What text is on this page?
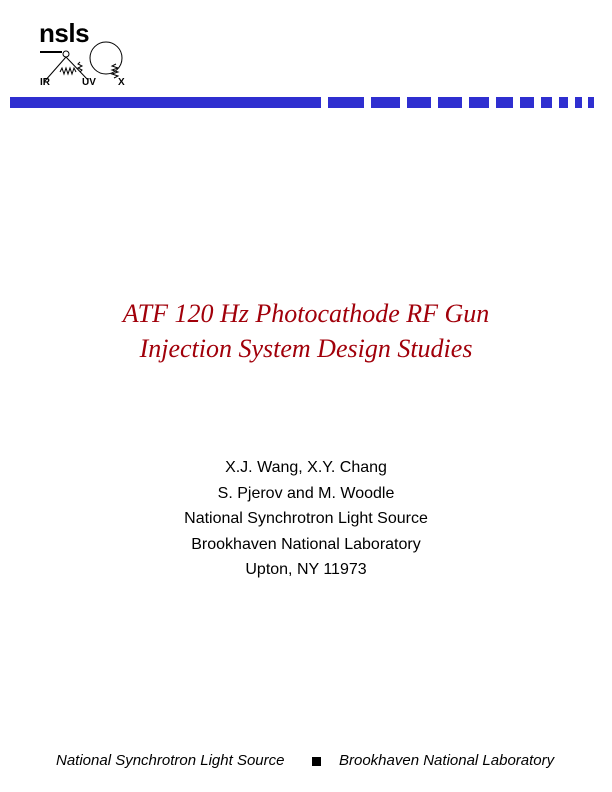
nsls
IR	UV X
ATF 120 Hz Photocathode RF Gun
Injection System Design Studies
X.J. Wang, X.Y. Chang
S. Pjerov and M. Woodle
National Synchrotron Light Source
Brookhaven National Laboratory
Upton, NY 11973
National Synchrotron Light Source	Brookhaven National Laboratory
